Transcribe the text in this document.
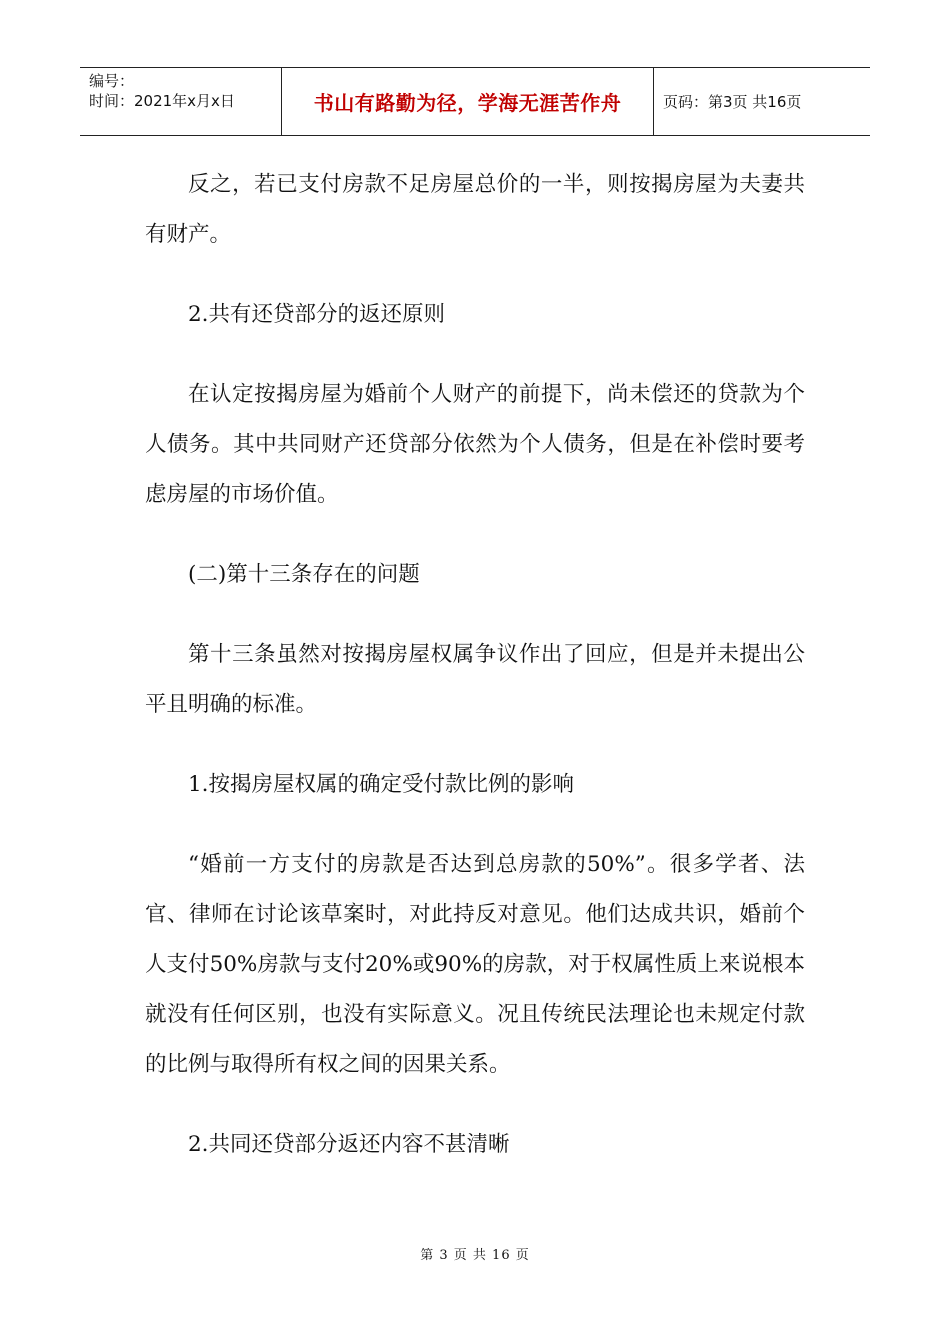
编号：
时间：2021年x月x日	书山有路勤为径，学海无涯苦作舟	页码：第3页 共16页

反之，若已支付房款不足房屋总价的一半，则按揭房屋为夫妻共有财产。

2.共有还贷部分的返还原则

在认定按揭房屋为婚前个人财产的前提下，尚未偿还的贷款为个人债务。其中共同财产还贷部分依然为个人债务，但是在补偿时要考虑房屋的市场价值。

(二)第十三条存在的问题

第十三条虽然对按揭房屋权属争议作出了回应，但是并未提出公平且明确的标准。

1.按揭房屋权属的确定受付款比例的影响

“婚前一方支付的房款是否达到总房款的50%”。很多学者、法官、律师在讨论该草案时，对此持反对意见。他们达成共识，婚前个人支付50%房款与支付20%或90%的房款，对于权属性质上来说根本就没有任何区别，也没有实际意义。况且传统民法理论也未规定付款的比例与取得所有权之间的因果关系。

2.共同还贷部分返还内容不甚清晰

第 3 页 共 16 页
